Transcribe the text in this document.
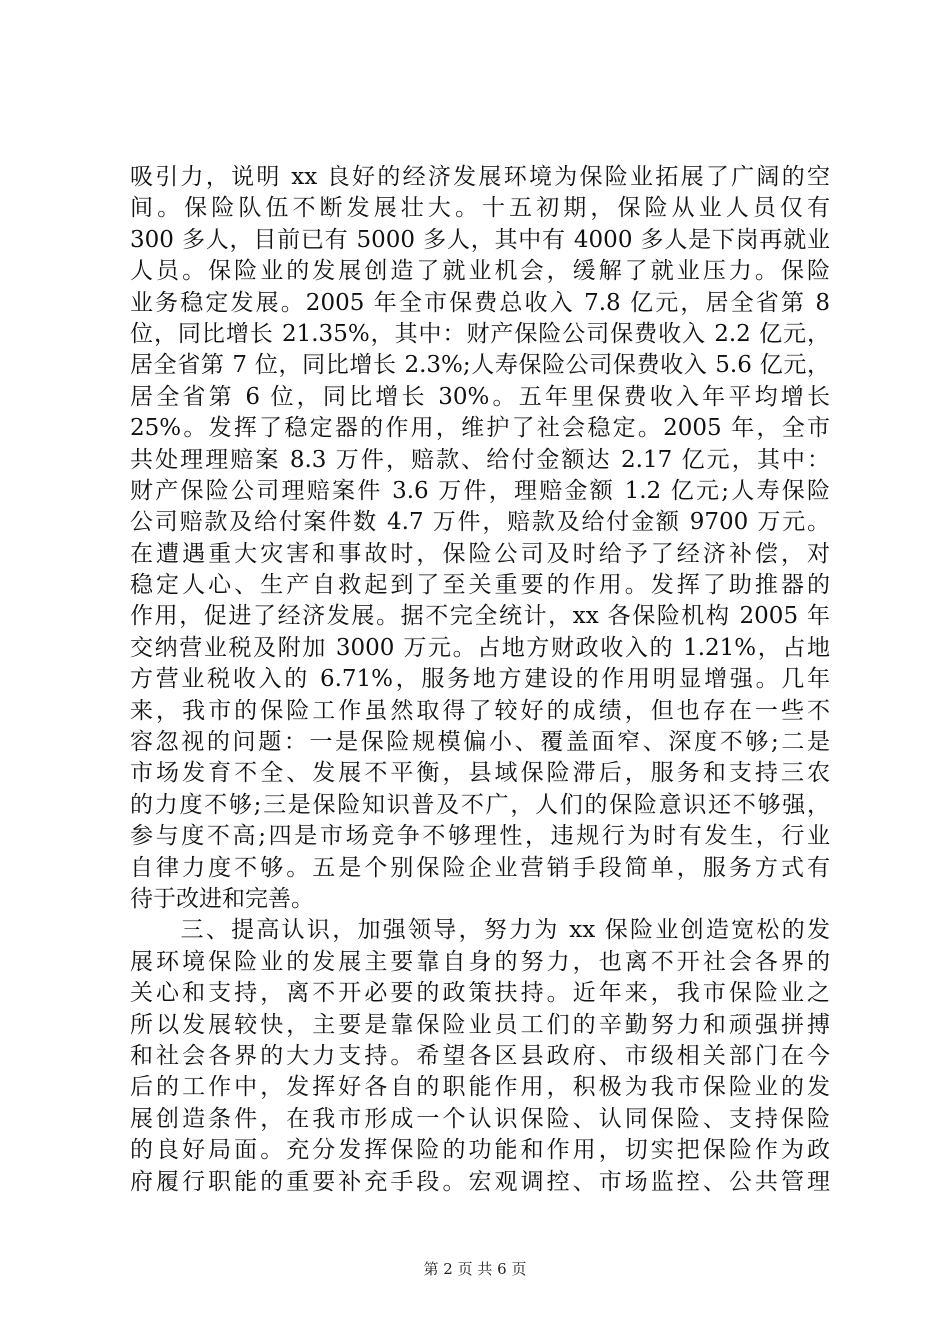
吸引力，说明 xx 良好的经济发展环境为保险业拓展了广阔的空
间。保险队伍不断发展壮大。十五初期，保险从业人员仅有
300 多人，目前已有 5000 多人，其中有 4000 多人是下岗再就业
人员。保险业的发展创造了就业机会，缓解了就业压力。保险
业务稳定发展。2005 年全市保费总收入 7.8 亿元，居全省第 8
位，同比增长 21.35%，其中：财产保险公司保费收入 2.2 亿元，
居全省第 7 位，同比增长 2.3%;人寿保险公司保费收入 5.6 亿元，
居全省第 6 位，同比增长 30%。五年里保费收入年平均增长
25%。发挥了稳定器的作用，维护了社会稳定。2005 年，全市
共处理理赔案 8.3 万件，赔款、给付金额达 2.17 亿元，其中：
财产保险公司理赔案件 3.6 万件，理赔金额 1.2 亿元;人寿保险
公司赔款及给付案件数 4.7 万件，赔款及给付金额 9700 万元。
在遭遇重大灾害和事故时，保险公司及时给予了经济补偿，对
稳定人心、生产自救起到了至关重要的作用。发挥了助推器的
作用，促进了经济发展。据不完全统计，xx 各保险机构 2005 年
交纳营业税及附加 3000 万元。占地方财政收入的 1.21%，占地
方营业税收入的 6.71%，服务地方建设的作用明显增强。几年
来，我市的保险工作虽然取得了较好的成绩，但也存在一些不
容忽视的问题：一是保险规模偏小、覆盖面窄、深度不够;二是
市场发育不全、发展不平衡，县域保险滞后，服务和支持三农
的力度不够;三是保险知识普及不广，人们的保险意识还不够强，
参与度不高;四是市场竞争不够理性，违规行为时有发生，行业
自律力度不够。五是个别保险企业营销手段简单，服务方式有
待于改进和完善。
　　三、提高认识，加强领导，努力为 xx 保险业创造宽松的发
展环境保险业的发展主要靠自身的努力，也离不开社会各界的
关心和支持，离不开必要的政策扶持。近年来，我市保险业之
所以发展较快，主要是靠保险业员工们的辛勤努力和顽强拼搏
和社会各界的大力支持。希望各区县政府、市级相关部门在今
后的工作中，发挥好各自的职能作用，积极为我市保险业的发
展创造条件，在我市形成一个认识保险、认同保险、支持保险
的良好局面。充分发挥保险的功能和作用，切实把保险作为政
府履行职能的重要补充手段。宏观调控、市场监控、公共管理
第 2 页 共 6 页
